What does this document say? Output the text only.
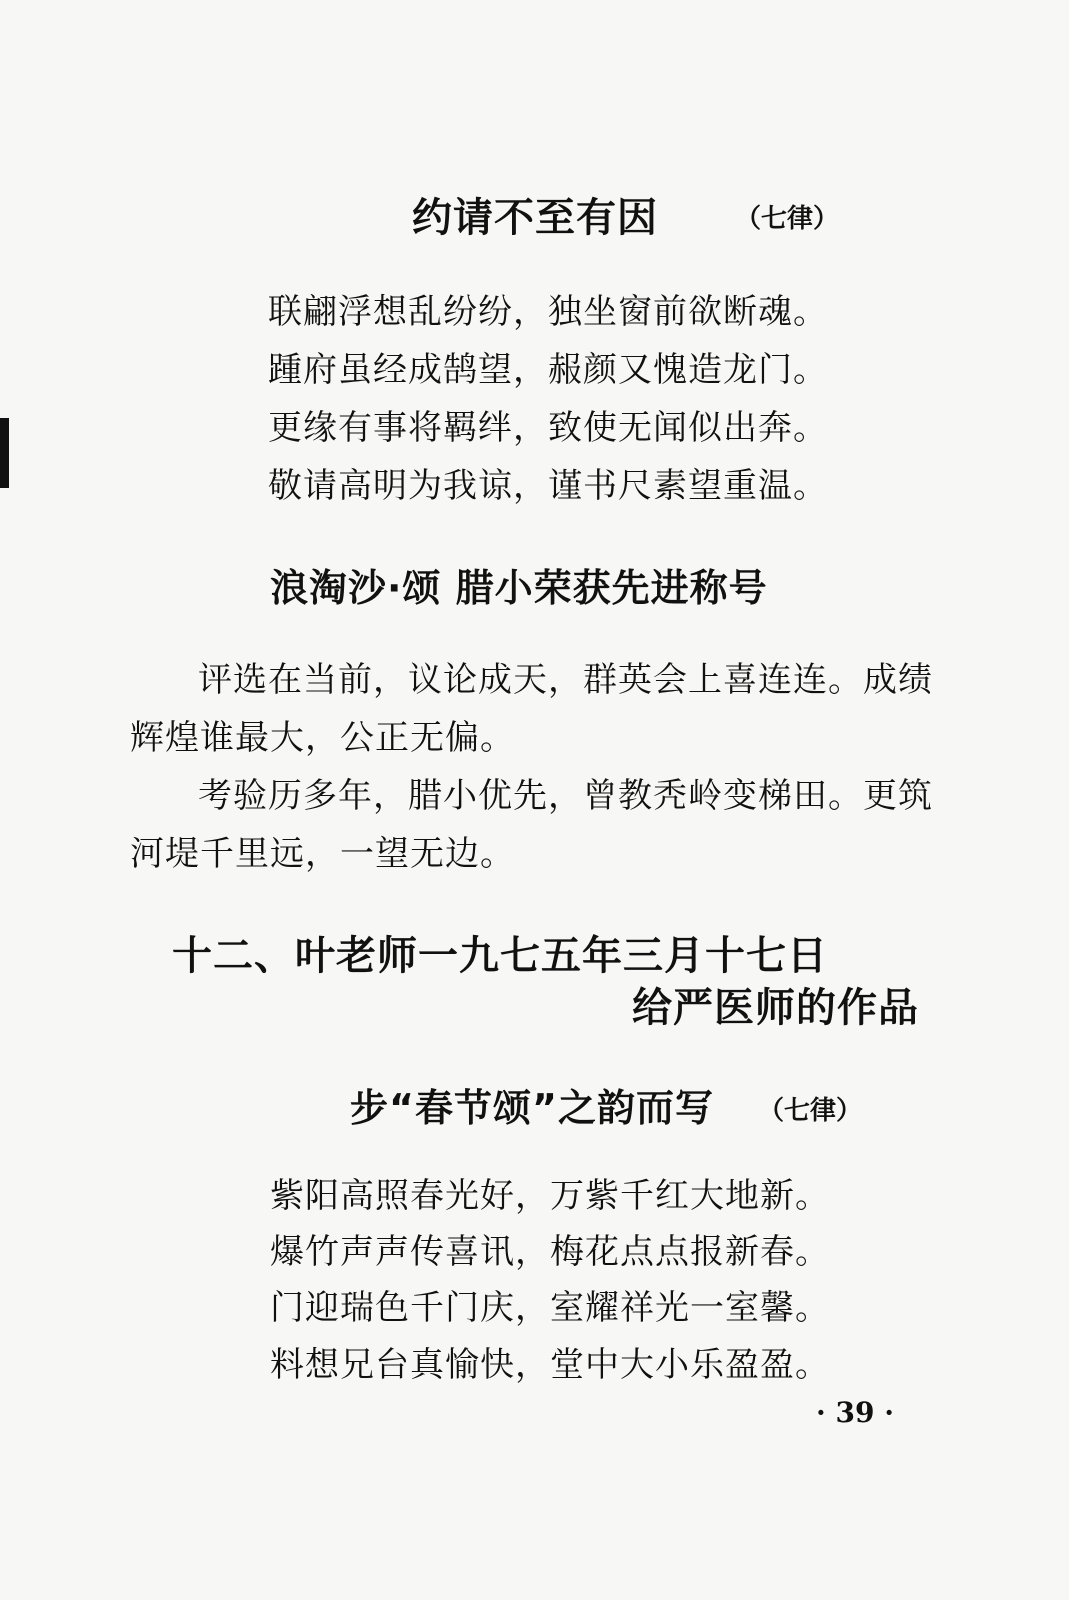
约请不至有因	（七律）
联翩浮想乱纷纷，独坐窗前欲断魂。
踵府虽经成鹄望，赧颜又愧造龙门。
更缘有事将羁绊，致使无闻似出奔。
敬请高明为我谅，谨书尺素望重温。
浪淘沙·颂 腊小荣获先进称号

评选在当前，议论成天，群英会上喜连连。成绩辉煌谁最大，公正无偏。

考验历多年，腊小优先，曾教秃岭变梯田。更筑河堤千里远，一望无边。

十二、叶老师一九七五年三月十七日
给严医师的作品
步“春节颂”之韵而写 （七律）
紫阳高照春光好，万紫千红大地新。
爆竹声声传喜讯，梅花点点报新春。
门迎瑞色千门庆，室耀祥光一室馨。
料想兄台真愉快，堂中大小乐盈盈。
· 39 ·
